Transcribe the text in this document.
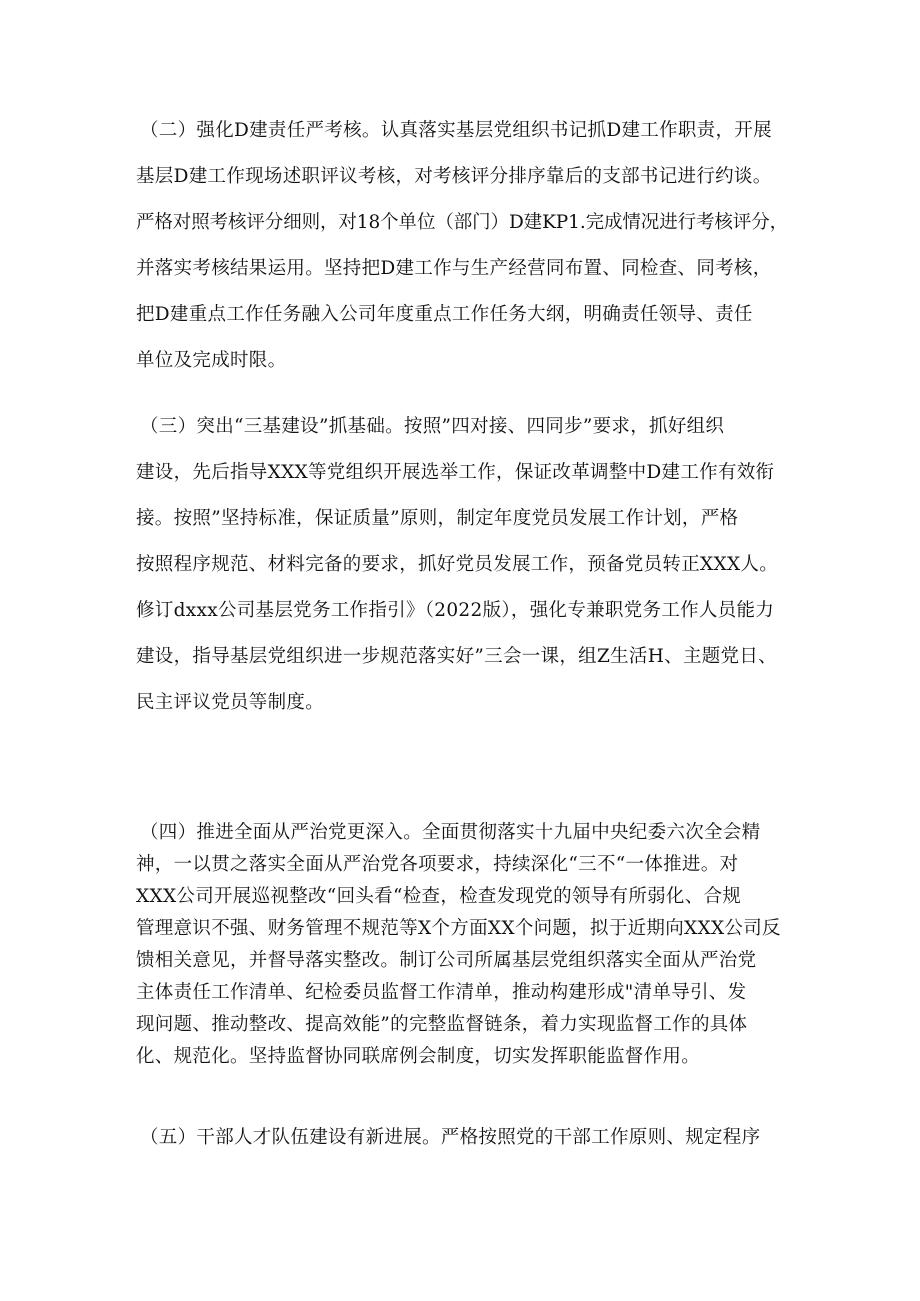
（二）强化D建责任严考核。认真落实基层党组织书记抓D建工作职责，开展
基层D建工作现场述职评议考核，对考核评分排序靠后的支部书记进行约谈。
严格对照考核评分细则，对18个单位（部门）D建KP1.完成情况进行考核评分，
并落实考核结果运用。坚持把D建工作与生产经营同布置、同检查、同考核，
把D建重点工作任务融入公司年度重点工作任务大纲，明确责任领导、责任
单位及完成时限。
（三）突出“三基建设”抓基础。按照”四对接、四同步”要求，抓好组织
建设，先后指导XXX等党组织开展选举工作，保证改革调整中D建工作有效衔
接。按照”坚持标准，保证质量”原则，制定年度党员发展工作计划，严格
按照程序规范、材料完备的要求，抓好党员发展工作，预备党员转正XXX人。
修订dxxx公司基层党务工作指引》（2022版），强化专兼职党务工作人员能力
建设，指导基层党组织进一步规范落实好”三会一课，组Z生活H、主题党日、
民主评议党员等制度。
（四）推进全面从严治党更深入。全面贯彻落实十九届中央纪委六次全会精
神，一以贯之落实全面从严治党各项要求，持续深化“三不“一体推进。对
XXX公司开展巡视整改“回头看“检查，检查发现党的领导有所弱化、合规
管理意识不强、财务管理不规范等X个方面XX个问题，拟于近期向XXX公司反
馈相关意见，并督导落实整改。制订公司所属基层党组织落实全面从严治党
主体责任工作清单、纪检委员监督工作清单，推动构建形成"清单导引、发
现问题、推动整改、提高效能”的完整监督链条，着力实现监督工作的具体
化、规范化。坚持监督协同联席例会制度，切实发挥职能监督作用。
（五）干部人才队伍建设有新进展。严格按照党的干部工作原则、规定程序
